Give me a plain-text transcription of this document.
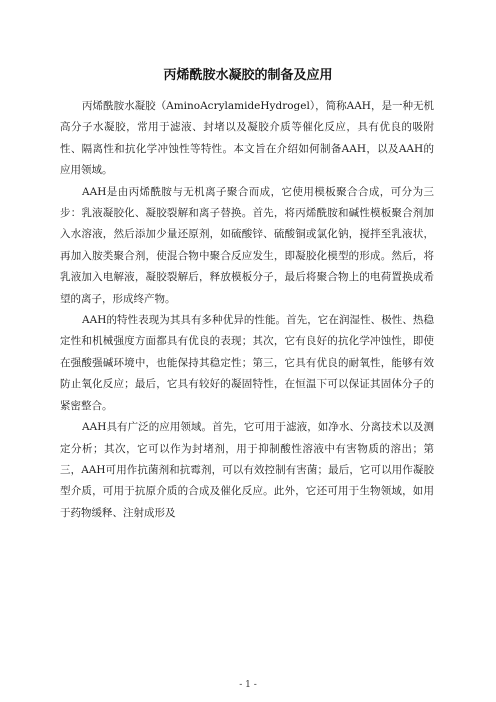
丙烯酰胺水凝胶的制备及应用

丙烯酰胺水凝胶（AminoAcrylamideHydrogel），简称AAH，是一种无机高分子水凝胶，常用于滤液、封堵以及凝胶介质等催化反应，具有优良的吸附性、隔离性和抗化学冲蚀性等特性。本文旨在介绍如何制备AAH，以及AAH的应用领域。

AAH是由丙烯酰胺与无机离子聚合而成，它使用模板聚合合成，可分为三步：乳液凝胶化、凝胶裂解和离子替换。首先，将丙烯酰胺和碱性模板聚合剂加入水溶液，然后添加少量还原剂，如硫酸锌、硫酸铜或氯化钠，搅拌至乳液状，再加入胺类聚合剂，使混合物中聚合反应发生，即凝胶化模型的形成。然后，将乳液加入电解液，凝胶裂解后，释放模板分子，最后将聚合物上的电荷置换成希望的离子，形成终产物。

AAH的特性表现为其具有多种优异的性能。首先，它在润湿性、极性、热稳定性和机械强度方面都具有优良的表现；其次，它有良好的抗化学冲蚀性，即使在强酸强碱环境中，也能保持其稳定性；第三，它具有优良的耐氧性，能够有效防止氧化反应；最后，它具有较好的凝固特性，在恒温下可以保证其固体分子的紧密整合。

AAH具有广泛的应用领域。首先，它可用于滤液，如净水、分离技术以及测定分析；其次，它可以作为封堵剂，用于抑制酸性溶液中有害物质的溶出；第三，AAH可用作抗菌剂和抗霉剂，可以有效控制有害菌；最后，它可以用作凝胶型介质，可用于抗原介质的合成及催化反应。此外，它还可用于生物领域，如用于药物缓释、注射成形及

- 1 -
